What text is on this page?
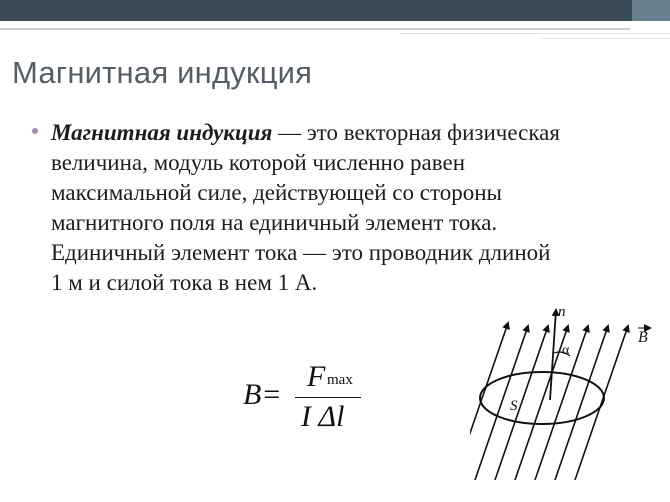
Магнитная индукция
Магнитная индукция — это векторная физическая
величина, модуль которой численно равен
максимальной силе, действующей со стороны
магнитного поля на единичный элемент тока.
Единичный элемент тока — это проводник длиной
1 м и силой тока в нем 1 А.
B=
F max
I Δl
n
α
S
B
